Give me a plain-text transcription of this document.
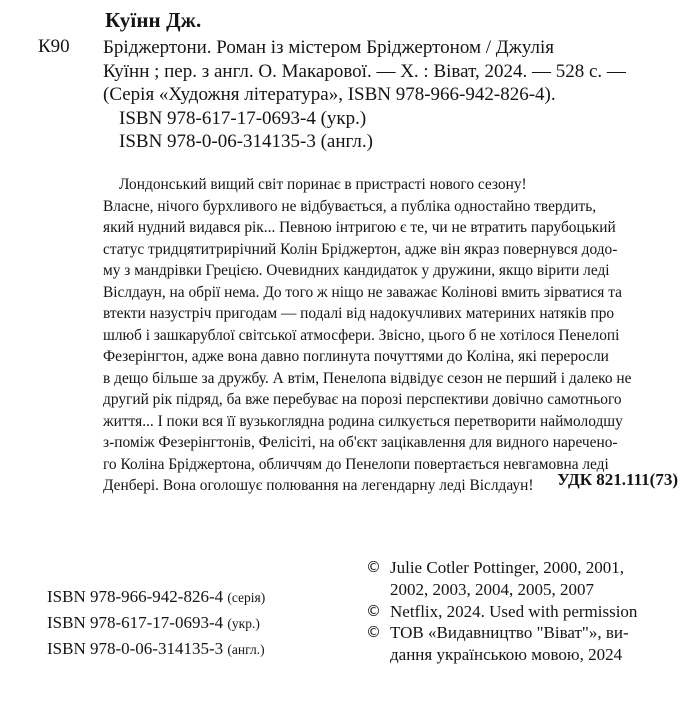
Куїнн Дж.
К90 Бріджертони. Роман із містером Бріджертоном / Джулія
Куїнн ; пер. з англ. О. Макарової. — Х. : Віват, 2024. — 528 с. —
(Серія «Художня література», ISBN 978-966-942-826-4).
ISBN 978-617-17-0693-4 (укр.)
ISBN 978-0-06-314135-3 (англ.)
Лондонський вищий світ поринає в пристрасті нового сезону!
Власне, нічого бурхливого не відбувається, а публіка одностайно твердить,
який нудний видався рік... Певною інтригою є те, чи не втратить парубоцький
статус тридцятитрирічний Колін Бріджертон, адже він якраз повернувся додо-
му з мандрівки Грецією. Очевидних кандидаток у дружини, якщо вірити леді
Віслдаун, на обрії нема. До того ж ніщо не заважає Колінові вмить зірватися та
втекти назустріч пригодам — подалі від надокучливих материних натяків про
шлюб і зашкарублої світської атмосфери. Звісно, цього б не хотілося Пенелопі
Фезерінгтон, адже вона давно поглинута почуттями до Коліна, які переросли
в дещо більше за дружбу. А втім, Пенелопа відвідує сезон не перший і далеко не
другий рік підряд, ба вже перебуває на порозі перспективи довічно самотнього
життя... І поки вся її вузькоглядна родина силкується перетворити наймолодшу
з-поміж Фезерінгтонів, Фелісіті, на об'єкт зацікавлення для видного наречено-
го Коліна Бріджертона, обличчям до Пенелопи повертається невгамовна леді
Денбері. Вона оголошує полювання на легендарну леді Віслдаун!	УДК 821.111(73)
ISBN 978-966-942-826-4 (серія)
ISBN 978-617-17-0693-4 (укр.)
ISBN 978-0-06-314135-3 (англ.)
© Julie Cotler Pottinger, 2000, 2001,
2002, 2003, 2004, 2005, 2007
© Netflix, 2024. Used with permission
© ТОВ «Видавництво "Віват"», ви-
дання українською мовою, 2024
